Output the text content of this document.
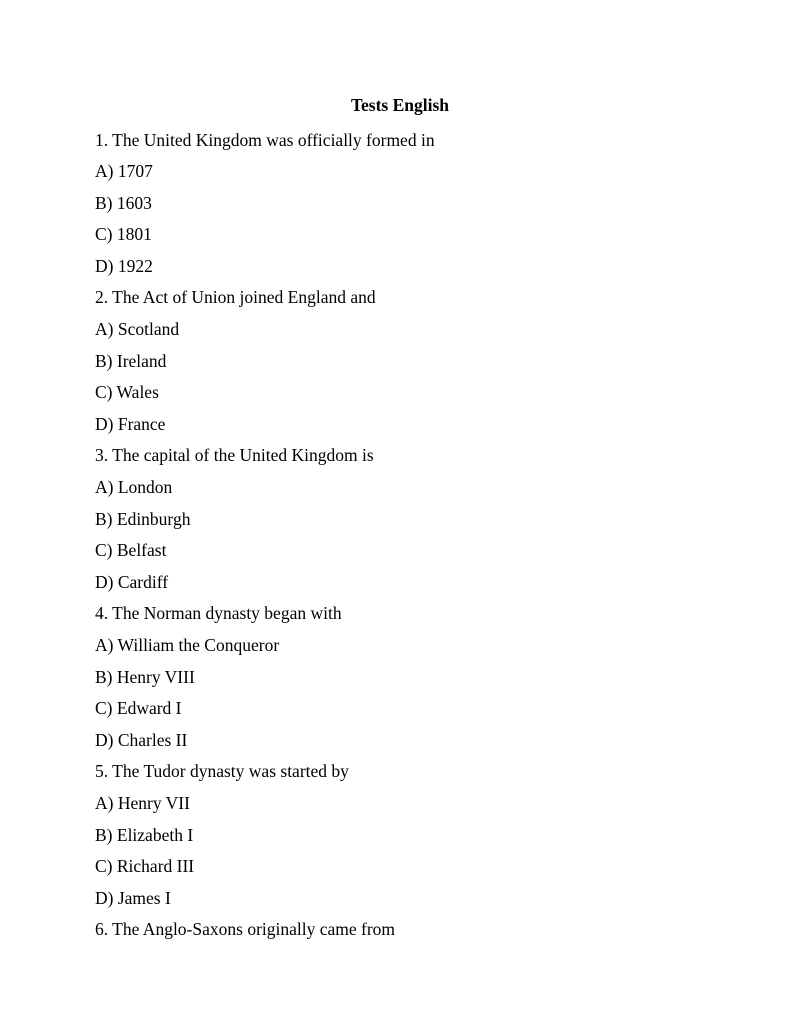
Tests English
1. The United Kingdom was officially formed in
A) 1707
B) 1603
C) 1801
D) 1922
2. The Act of Union joined England and
A) Scotland
B) Ireland
C) Wales
D) France
3. The capital of the United Kingdom is
A) London
B) Edinburgh
C) Belfast
D) Cardiff
4. The Norman dynasty began with
A) William the Conqueror
B) Henry VIII
C) Edward I
D) Charles II
5. The Tudor dynasty was started by
A) Henry VII
B) Elizabeth I
C) Richard III
D) James I
6. The Anglo-Saxons originally came from
